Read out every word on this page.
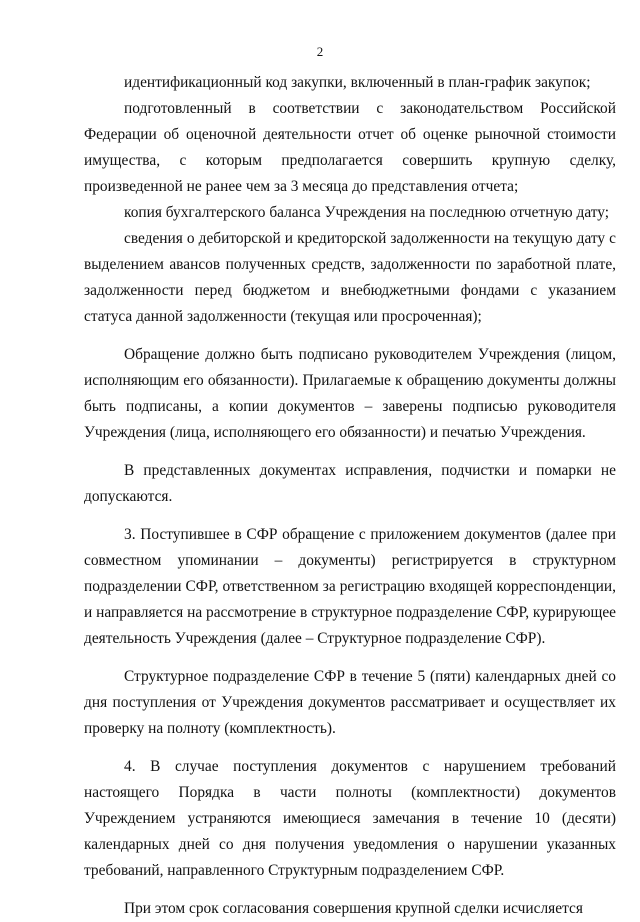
2

идентификационный код закупки, включенный в план-график закупок;

подготовленный в соответствии с законодательством Российской Федерации об оценочной деятельности отчет об оценке рыночной стоимости имущества, с которым предполагается совершить крупную сделку, произведенной не ранее чем за 3 месяца до представления отчета;

копия бухгалтерского баланса Учреждения на последнюю отчетную дату;

сведения о дебиторской и кредиторской задолженности на текущую дату с выделением авансов полученных средств, задолженности по заработной плате, задолженности перед бюджетом и внебюджетными фондами с указанием статуса данной задолженности (текущая или просроченная);

Обращение должно быть подписано руководителем Учреждения (лицом, исполняющим его обязанности). Прилагаемые к обращению документы должны быть подписаны, а копии документов – заверены подписью руководителя Учреждения (лица, исполняющего его обязанности) и печатью Учреждения.

В представленных документах исправления, подчистки и помарки не допускаются.

3. Поступившее в СФР обращение с приложением документов (далее при совместном упоминании – документы) регистрируется в структурном подразделении СФР, ответственном за регистрацию входящей корреспонденции, и направляется на рассмотрение в структурное подразделение СФР, курирующее деятельность Учреждения (далее – Структурное подразделение СФР).

Структурное подразделение СФР в течение 5 (пяти) календарных дней со дня поступления от Учреждения документов рассматривает и осуществляет их проверку на полноту (комплектность).

4. В случае поступления документов с нарушением требований настоящего Порядка в части полноты (комплектности) документов Учреждением устраняются имеющиеся замечания в течение 10 (десяти) календарных дней со дня получения уведомления о нарушении указанных требований, направленного Структурным подразделением СФР.

При этом срок согласования совершения крупной сделки исчисляется
